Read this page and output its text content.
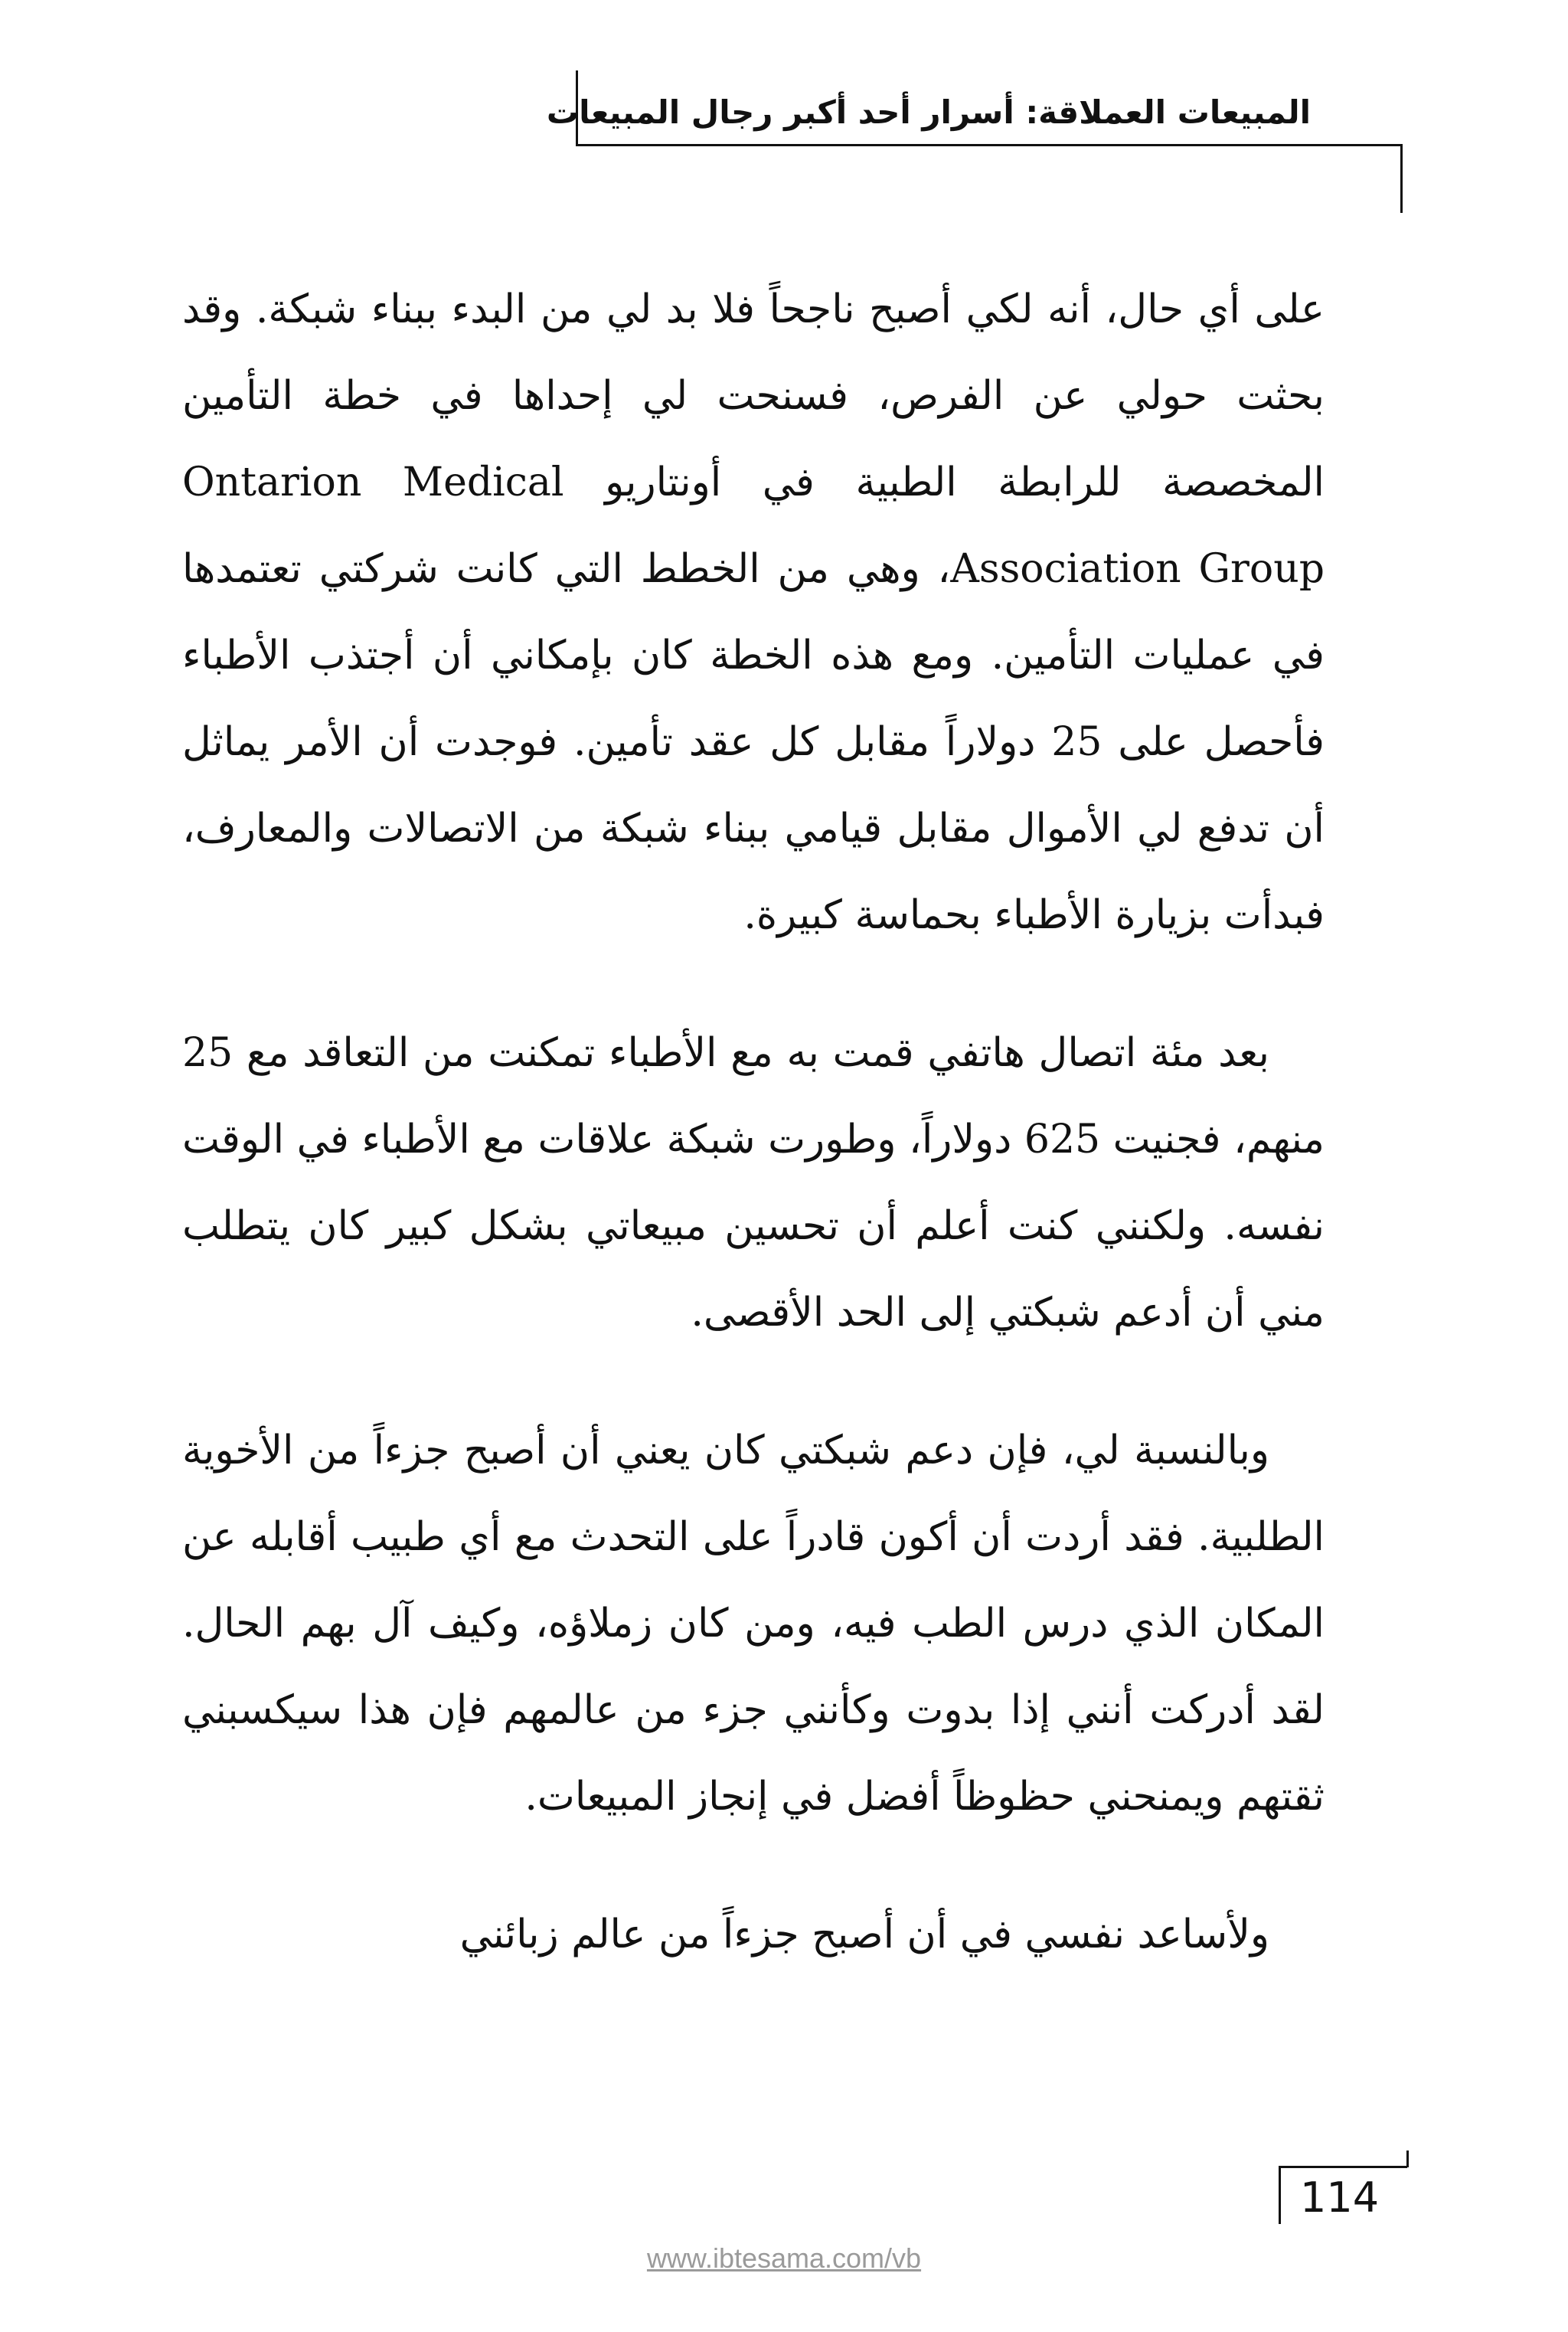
المبيعات العملاقة: أسرار أحد أكبر رجال المبيعات

على أي حال، أنه لكي أصبح ناجحاً فلا بد لي من البدء ببناء شبكة. وقد بحثت حولي عن الفرص، فسنحت لي إحداها في خطة التأمين المخصصة للرابطة الطبية في أونتاريو Ontarion Medical Association Group، وهي من الخطط التي كانت شركتي تعتمدها في عمليات التأمين. ومع هذه الخطة كان بإمكاني أن أجتذب الأطباء فأحصل على 25 دولاراً مقابل كل عقد تأمين. فوجدت أن الأمر يماثل أن تدفع لي الأموال مقابل قيامي ببناء شبكة من الاتصالات والمعارف، فبدأت بزيارة الأطباء بحماسة كبيرة.

بعد مئة اتصال هاتفي قمت به مع الأطباء تمكنت من التعاقد مع 25 منهم، فجنيت 625 دولاراً، وطورت شبكة علاقات مع الأطباء في الوقت نفسه. ولكنني كنت أعلم أن تحسين مبيعاتي بشكل كبير كان يتطلب مني أن أدعم شبكتي إلى الحد الأقصى.

وبالنسبة لي، فإن دعم شبكتي كان يعني أن أصبح جزءاً من الأخوية الطلبية. فقد أردت أن أكون قادراً على التحدث مع أي طبيب أقابله عن المكان الذي درس الطب فيه، ومن كان زملاؤه، وكيف آل بهم الحال. لقد أدركت أنني إذا بدوت وكأنني جزء من عالمهم فإن هذا سيكسبني ثقتهم ويمنحني حظوظاً أفضل في إنجاز المبيعات.

ولأساعد نفسي في أن أصبح جزءاً من عالم زبائني

114
www.ibtesama.com/vb
